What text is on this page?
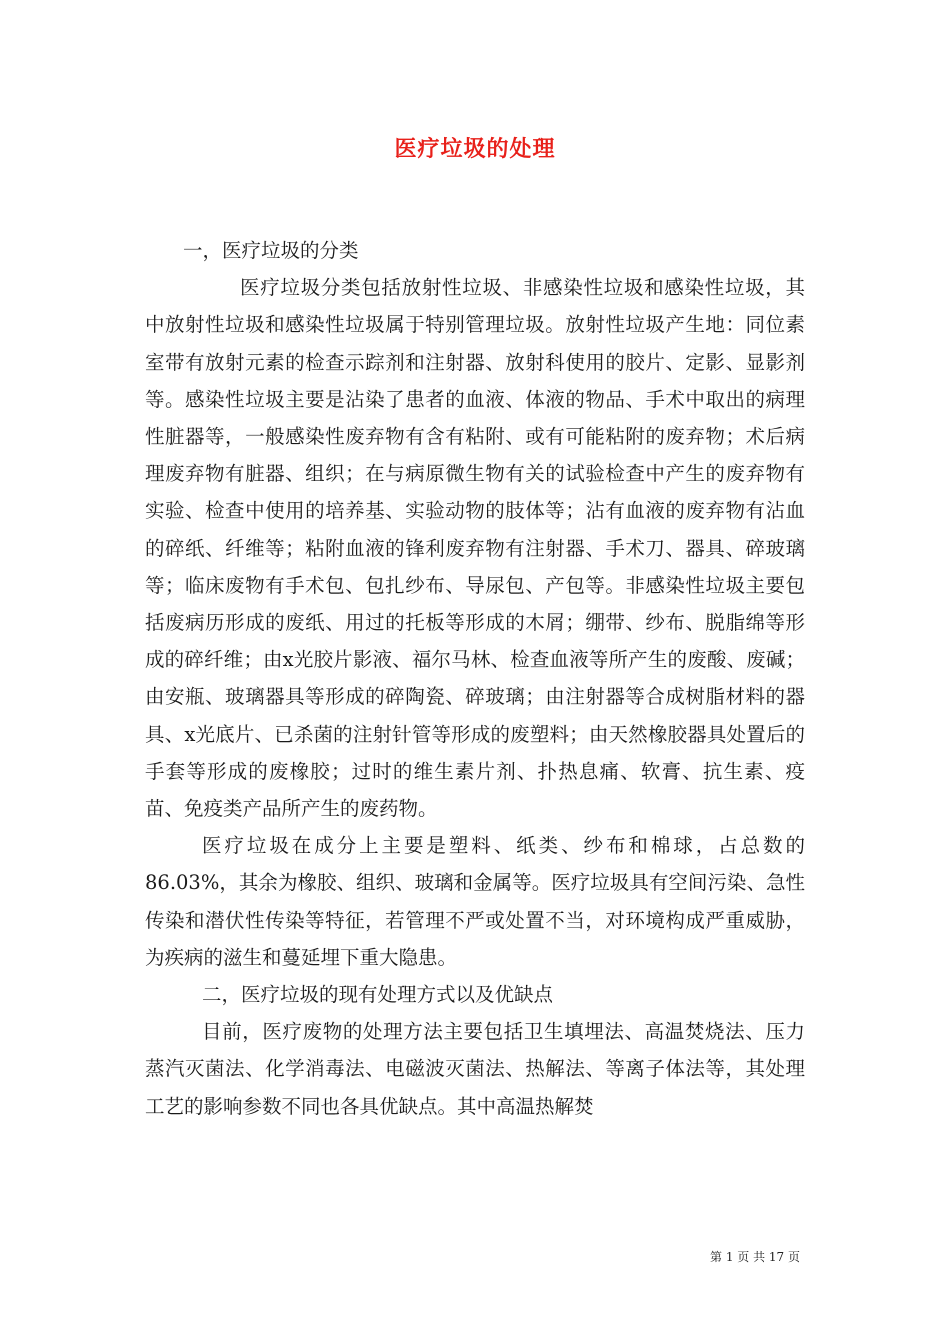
医疗垃圾的处理

一，医疗垃圾的分类

医疗垃圾分类包括放射性垃圾、非感染性垃圾和感染性垃圾，其中放射性垃圾和感染性垃圾属于特别管理垃圾。放射性垃圾产生地：同位素室带有放射元素的检查示踪剂和注射器、放射科使用的胶片、定影、显影剂等。感染性垃圾主要是沾染了患者的血液、体液的物品、手术中取出的病理性脏器等，一般感染性废弃物有含有粘附、或有可能粘附的废弃物；术后病理废弃物有脏器、组织；在与病原微生物有关的试验检查中产生的废弃物有实验、检查中使用的培养基、实验动物的肢体等；沾有血液的废弃物有沾血的碎纸、纤维等；粘附血液的锋利废弃物有注射器、手术刀、器具、碎玻璃等；临床废物有手术包、包扎纱布、导尿包、产包等。非感染性垃圾主要包括废病历形成的废纸、用过的托板等形成的木屑；绷带、纱布、脱脂绵等形成的碎纤维；由x光胶片影液、福尔马林、检查血液等所产生的废酸、废碱；由安瓶、玻璃器具等形成的碎陶瓷、碎玻璃；由注射器等合成树脂材料的器具、x光底片、已杀菌的注射针管等形成的废塑料；由天然橡胶器具处置后的手套等形成的废橡胶；过时的维生素片剂、扑热息痛、软膏、抗生素、疫苗、免疫类产品所产生的废药物。

医疗垃圾在成分上主要是塑料、纸类、纱布和棉球，占总数的86.03%，其余为橡胶、组织、玻璃和金属等。医疗垃圾具有空间污染、急性传染和潜伏性传染等特征，若管理不严或处置不当，对环境构成严重威胁，为疾病的滋生和蔓延埋下重大隐患。

二，医疗垃圾的现有处理方式以及优缺点

目前，医疗废物的处理方法主要包括卫生填埋法、高温焚烧法、压力蒸汽灭菌法、化学消毒法、电磁波灭菌法、热解法、等离子体法等，其处理工艺的影响参数不同也各具优缺点。其中高温热解焚

第 1 页 共 17 页
